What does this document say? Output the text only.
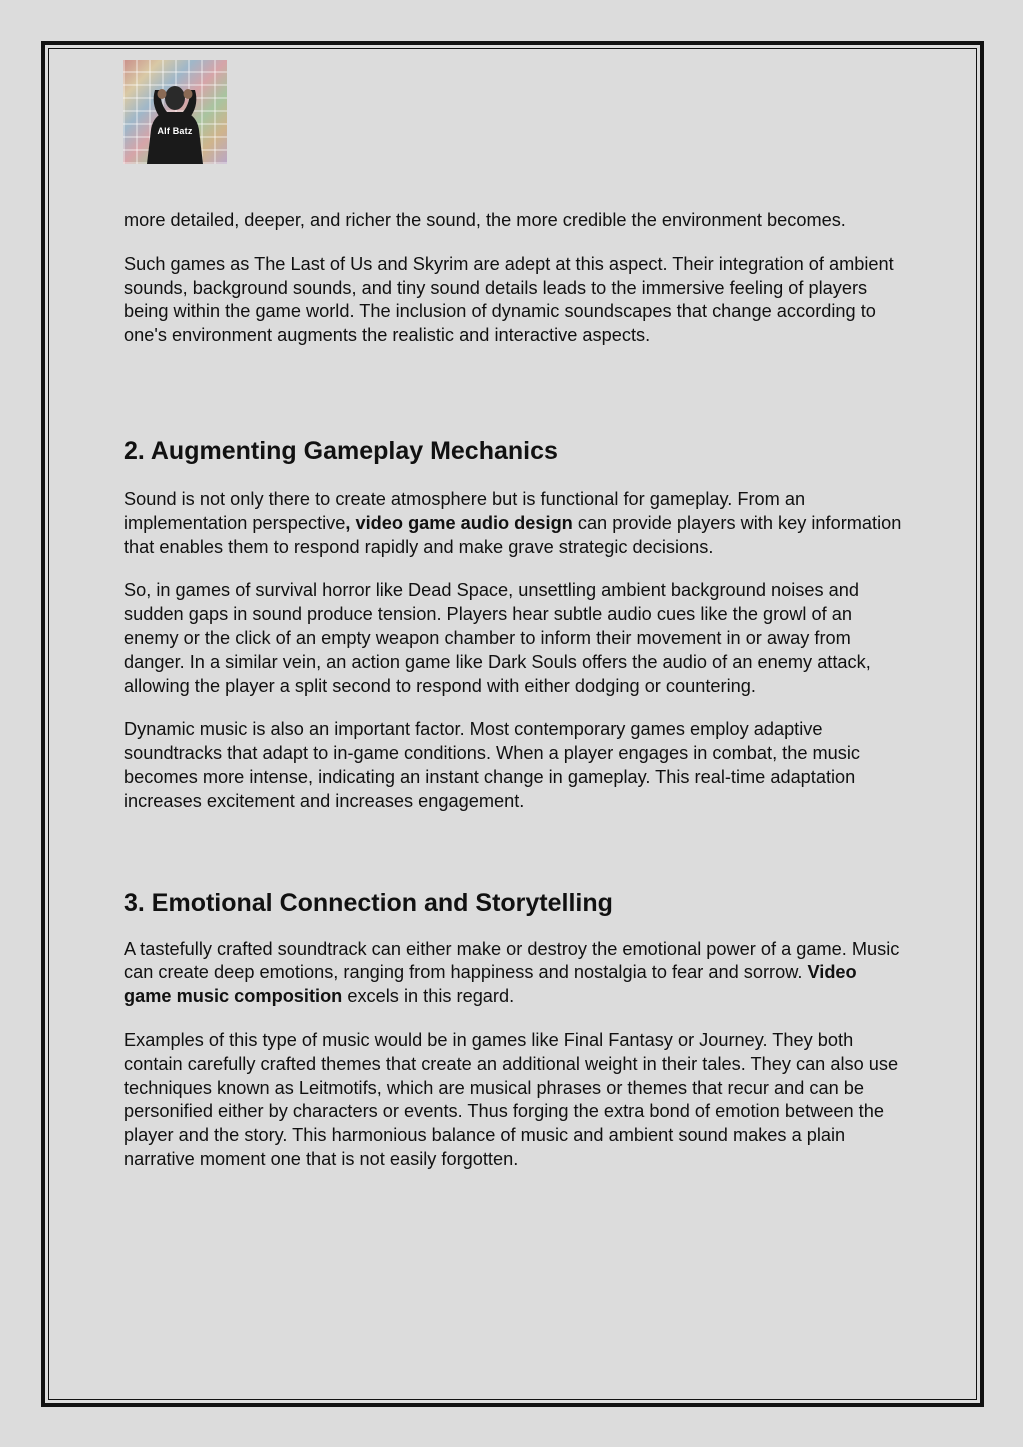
Alf Batz

more detailed, deeper, and richer the sound, the more credible the environment becomes.

Such games as The Last of Us and Skyrim are adept at this aspect. Their integration of ambient sounds, background sounds, and tiny sound details leads to the immersive feeling of players being within the game world. The inclusion of dynamic soundscapes that change according to one's environment augments the realistic and interactive aspects.

2. Augmenting Gameplay Mechanics

Sound is not only there to create atmosphere but is functional for gameplay. From an implementation perspective, video game audio design can provide players with key information that enables them to respond rapidly and make grave strategic decisions.

So, in games of survival horror like Dead Space, unsettling ambient background noises and sudden gaps in sound produce tension. Players hear subtle audio cues like the growl of an enemy or the click of an empty weapon chamber to inform their movement in or away from danger. In a similar vein, an action game like Dark Souls offers the audio of an enemy attack, allowing the player a split second to respond with either dodging or countering.

Dynamic music is also an important factor. Most contemporary games employ adaptive soundtracks that adapt to in-game conditions. When a player engages in combat, the music becomes more intense, indicating an instant change in gameplay. This real-time adaptation increases excitement and increases engagement.

3. Emotional Connection and Storytelling

A tastefully crafted soundtrack can either make or destroy the emotional power of a game. Music can create deep emotions, ranging from happiness and nostalgia to fear and sorrow. Video game music composition excels in this regard.

Examples of this type of music would be in games like Final Fantasy or Journey. They both contain carefully crafted themes that create an additional weight in their tales. They can also use techniques known as Leitmotifs, which are musical phrases or themes that recur and can be personified either by characters or events. Thus forging the extra bond of emotion between the player and the story. This harmonious balance of music and ambient sound makes a plain narrative moment one that is not easily forgotten.
